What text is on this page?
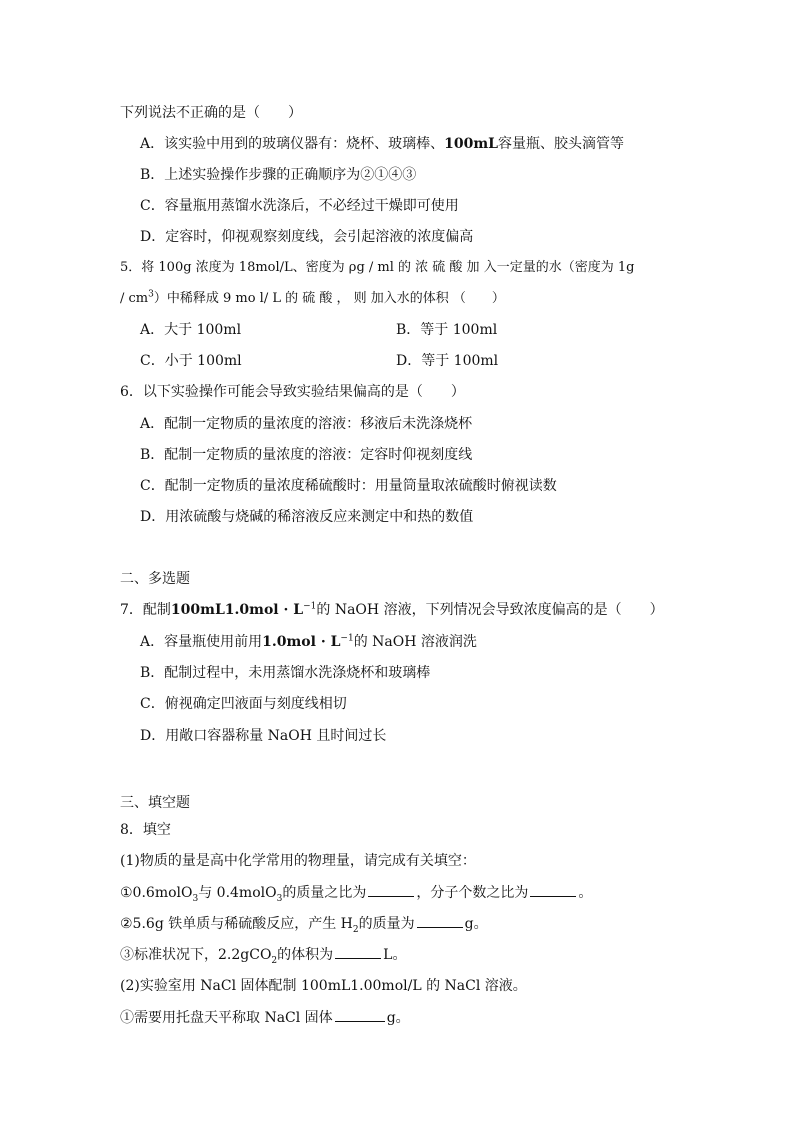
下列说法不正确的是（　　）
A．该实验中用到的玻璃仪器有：烧杯、玻璃棒、100mL容量瓶、胶头滴管等
B．上述实验操作步骤的正确顺序为②①④③
C．容量瓶用蒸馏水洗涤后，不必经过干燥即可使用
D．定容时，仰视观察刻度线，会引起溶液的浓度偏高
5．将 100g 浓度为 18mol/L、密度为 ρg / ml 的 浓 硫 酸 加 入一定量的水（密度为 1g
/ $cm^3$）中稀释成 9 mo l/ L 的 硫 酸 ， 则 加入水的体积 （　　）
A．大于 100ml	B．等于 100ml
C．小于 100ml	D．等于 100ml
6．以下实验操作可能会导致实验结果偏高的是（　　）
A．配制一定物质的量浓度的溶液：移液后未洗涤烧杯
B．配制一定物质的量浓度的溶液：定容时仰视刻度线
C．配制一定物质的量浓度稀硫酸时：用量筒量取浓硫酸时俯视读数
D．用浓硫酸与烧碱的稀溶液反应来测定中和热的数值
二、多选题
7．配制$100mL1.0mol \cdot L^{-1}$的 NaOH 溶液，下列情况会导致浓度偏高的是（　　）
A．容量瓶使用前用$1.0mol \cdot L^{-1}$的 NaOH 溶液润洗
B．配制过程中，未用蒸馏水洗涤烧杯和玻璃棒
C．俯视确定凹液面与刻度线相切
D．用敞口容器称量 NaOH 且时间过长
三、填空题
8．填空
(1)物质的量是高中化学常用的物理量，请完成有关填空：
①0.6molO$_3$与 0.4molO$_3$的质量之比为	，分子个数之比为	。
②5.6g 铁单质与稀硫酸反应，产生 $H_2$的质量为	g。
③标准状况下，2.2gCO$_2$的体积为	L。
(2)实验室用 NaCl 固体配制 100mL1.00mol/L 的 NaCl 溶液。
①需要用托盘天平称取 NaCl 固体	g。
